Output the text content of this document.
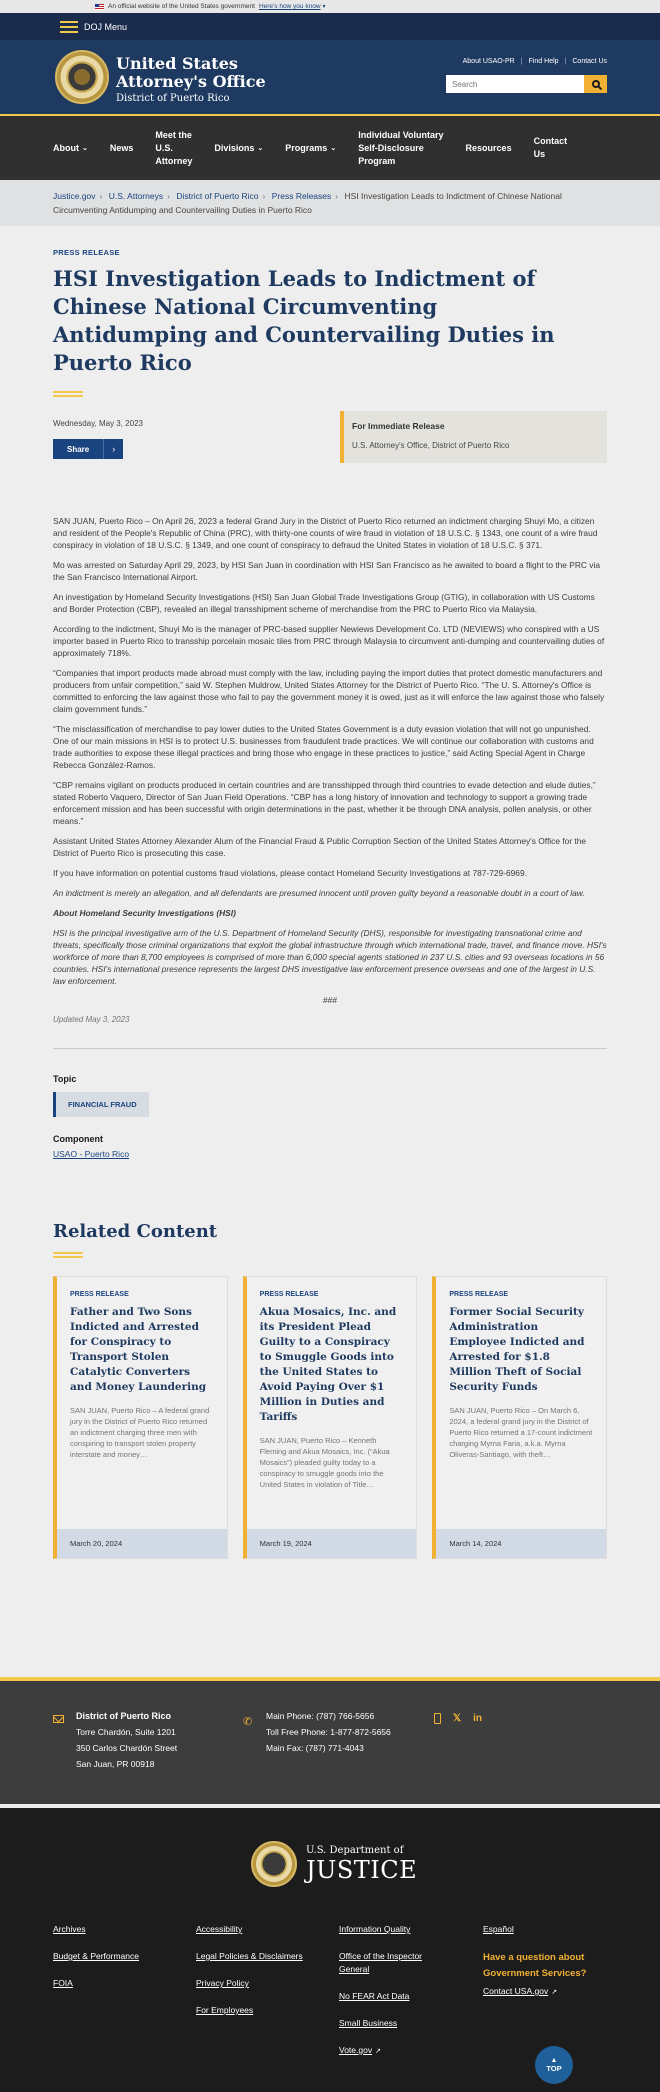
An official website of the United States government Here's how you know ▾
DOJ Menu
United States
Attorney's Office
District of Puerto Rico
About USAO-PR | Find Help | Contact Us
Search
About ⌄ News
Meet the
U.S.
Attorney
Divisions ⌄ Programs ⌄
Individual Voluntary
Self-Disclosure
Program
Resources
Contact
Us
Justice.gov › U.S. Attorneys › District of Puerto Rico › Press Releases › HSI Investigation Leads to Indictment of Chinese National Circumventing Antidumping and Countervailing Duties in Puerto Rico
PRESS RELEASE
HSI Investigation Leads to Indictment of Chinese National Circumventing Antidumping and Countervailing Duties in Puerto Rico
Wednesday, May 3, 2023
Share	›
For Immediate Release
U.S. Attorney's Office, District of Puerto Rico

SAN JUAN, Puerto Rico – On April 26, 2023 a federal Grand Jury in the District of Puerto Rico returned an indictment charging Shuyi Mo, a citizen and resident of the People's Republic of China (PRC), with thirty-one counts of wire fraud in violation of 18 U.S.C. § 1343, one count of a wire fraud conspiracy in violation of 18 U.S.C. § 1349, and one count of conspiracy to defraud the United States in violation of 18 U.S.C. § 371.

Mo was arrested on Saturday April 29, 2023, by HSI San Juan in coordination with HSI San Francisco as he awaited to board a flight to the PRC via the San Francisco International Airport.

An investigation by Homeland Security Investigations (HSI) San Juan Global Trade Investigations Group (GTIG), in collaboration with US Customs and Border Protection (CBP), revealed an illegal transshipment scheme of merchandise from the PRC to Puerto Rico via Malaysia.

According to the indictment, Shuyi Mo is the manager of PRC-based supplier Newiews Development Co. LTD (NEVIEWS) who conspired with a US importer based in Puerto Rico to transship porcelain mosaic tiles from PRC through Malaysia to circumvent anti-dumping and countervailing duties of approximately 718%.

“Companies that import products made abroad must comply with the law, including paying the import duties that protect domestic manufacturers and producers from unfair competition,” said W. Stephen Muldrow, United States Attorney for the District of Puerto Rico. “The U. S. Attorney's Office is committed to enforcing the law against those who fail to pay the government money it is owed, just as it will enforce the law against those who falsely claim government funds.”

“The misclassification of merchandise to pay lower duties to the United States Government is a duty evasion violation that will not go unpunished. One of our main missions in HSI is to protect U.S. businesses from fraudulent trade practices. We will continue our collaboration with customs and trade authorities to expose these illegal practices and bring those who engage in these practices to justice,” said Acting Special Agent in Charge Rebecca González-Ramos.

“CBP remains vigilant on products produced in certain countries and are transshipped through third countries to evade detection and elude duties,” stated Roberto Vaquero, Director of San Juan Field Operations. “CBP has a long history of innovation and technology to support a growing trade enforcement mission and has been successful with origin determinations in the past, whether it be through DNA analysis, pollen analysis, or other means.”

Assistant United States Attorney Alexander Alum of the Financial Fraud & Public Corruption Section of the United States Attorney's Office for the District of Puerto Rico is prosecuting this case.

If you have information on potential customs fraud violations, please contact Homeland Security Investigations at 787-729-6969.

An indictment is merely an allegation, and all defendants are presumed innocent until proven guilty beyond a reasonable doubt in a court of law.

About Homeland Security Investigations (HSI)

HSI is the principal investigative arm of the U.S. Department of Homeland Security (DHS), responsible for investigating transnational crime and threats, specifically those criminal organizations that exploit the global infrastructure through which international trade, travel, and finance move. HSI's workforce of more than 8,700 employees is comprised of more than 6,000 special agents stationed in 237 U.S. cities and 93 overseas locations in 56 countries. HSI's international presence represents the largest DHS investigative law enforcement presence overseas and one of the largest in U.S. law enforcement.

###
Updated May 3, 2023
Topic
FINANCIAL FRAUD
Component
USAO - Puerto Rico
Related Content
PRESS RELEASE
Father and Two Sons Indicted and Arrested for Conspiracy to Transport Stolen Catalytic Converters and Money Laundering
SAN JUAN, Puerto Rico – A federal grand jury in the District of Puerto Rico returned an indictment charging three men with conspiring to transport stolen property interstate and money…
March 20, 2024
PRESS RELEASE
Akua Mosaics, Inc. and its President Plead Guilty to a Conspiracy to Smuggle Goods into the United States to Avoid Paying Over $1 Million in Duties and Tariffs
SAN JUAN, Puerto Rico – Kenneth Fleming and Akua Mosaics, Inc. (“Akua Mosaics”) pleaded guilty today to a conspiracy to smuggle goods into the United States in violation of Title…
March 19, 2024
PRESS RELEASE
Former Social Security Administration Employee Indicted and Arrested for $1.8 Million Theft of Social Security Funds
SAN JUAN, Puerto Rico – On March 6, 2024, a federal grand jury in the District of Puerto Rico returned a 17-count indictment charging Myrna Faria, a.k.a. Myrna Oliveras-Santiago, with theft…
March 14, 2024
District of Puerto Rico
Torre Chardón, Suite 1201
350 Carlos Chardón Street
San Juan, PR 00918
✆ Main Phone: (787) 766-5656
Toll Free Phone: 1-877-872-5656
Main Fax: (787) 771-4043
𝕏 in
U.S. Department of
JUSTICE
Archives
Budget & Performance
FOIA
Accessibility
Legal Policies & Disclaimers
Privacy Policy
For Employees
Information Quality
Office of the Inspector General
No FEAR Act Data
Small Business
Vote.gov ↗
Español
Have a question about Government Services?
Contact USA.gov ↗
▲
TOP
